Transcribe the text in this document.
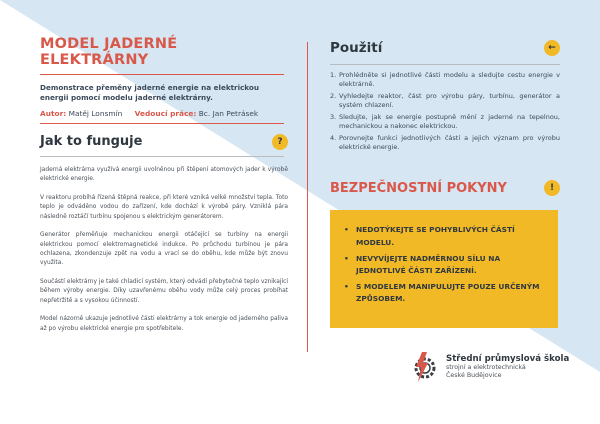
MODEL JADERNÉ ELEKTRÁRNY
Demonstrace přeměny jaderné energie na elektrickou energii pomocí modelu jaderné elektrárny.
Autor: Matěj Lonsmín Vedoucí práce: Bc. Jan Petrásek
Jak to funguje	?

Jaderná elektrárna využívá energii uvolněnou při štěpení atomových jader k výrobě elektrické energie.

V reaktoru probíhá řízená štěpná reakce, při které vzniká velké množství tepla. Toto teplo je odváděno vodou do zařízení, kde dochází k výrobě páry. Vzniklá pára následně roztáčí turbínu spojenou s elektrickým generátorem.

Generátor přeměňuje mechanickou energii otáčející se turbíny na energii elektrickou pomocí elektromagnetické indukce. Po průchodu turbínou je pára ochlazena, zkondenzuje zpět na vodu a vrací se do oběhu, kde může být znovu využita.

Součástí elektrárny je také chladicí systém, který odvádí přebytečné teplo vznikající během výroby energie. Díky uzavřenému oběhu vody může celý proces probíhat nepřetržitě a s vysokou účinností.

Model názorně ukazuje jednotlivé části elektrárny a tok energie od jaderného paliva až po výrobu elektrické energie pro spotřebitele.

Použití	←
1. Prohlédněte si jednotlivé části modelu a sledujte cestu energie v elektrárně.
2. Vyhledejte reaktor, část pro výrobu páry, turbínu, generátor a systém chlazení.
3. Sledujte, jak se energie postupně mění z jaderné na tepelnou, mechanickou a nakonec elektrickou.
4. Porovnejte funkci jednotlivých částí a jejich význam pro výrobu elektrické energie.
BEZPEČNOSTNÍ POKYNY	!
• NEDOTÝKEJTE SE POHYBLIVÝCH ČÁSTÍ MODELU.
• NEVYVÍJEJTE NADMĚRNOU SÍLU NA JEDNOTLIVÉ ČÁSTI ZAŘÍZENÍ.
• S MODELEM MANIPULUJTE POUZE URČENÝM ZPŮSOBEM.
Střední průmyslová škola
strojní a elektrotechnická
České Budějovice
